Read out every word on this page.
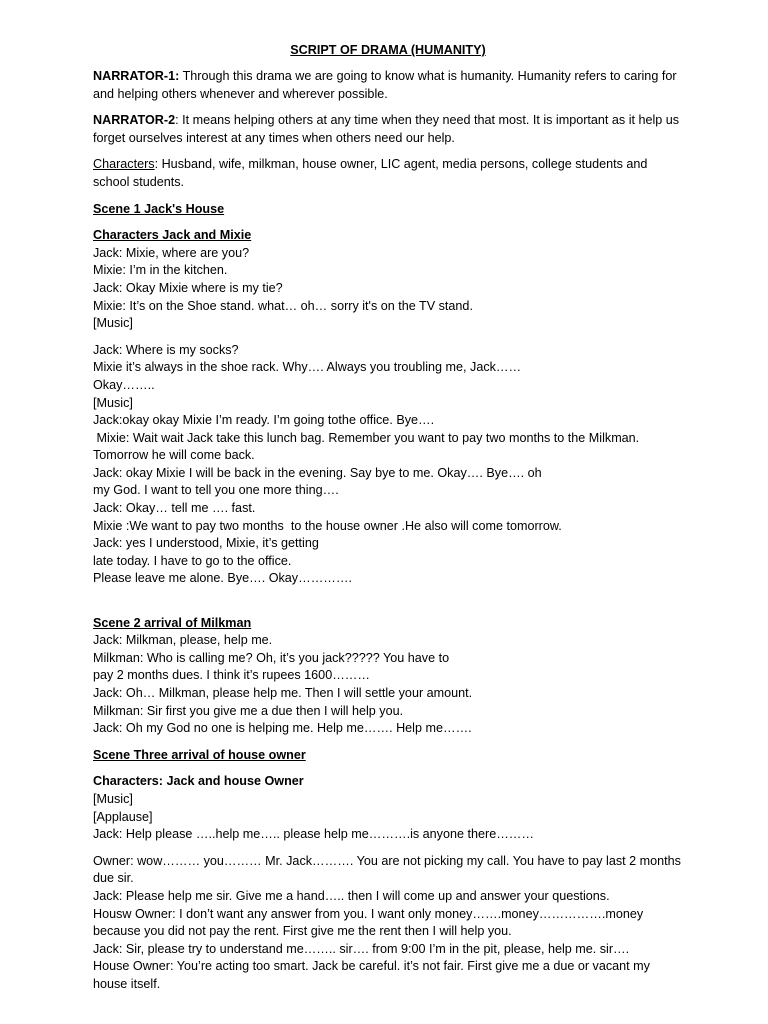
SCRIPT OF DRAMA (HUMANITY)
NARRATOR-1: Through this drama we are going to know what is humanity. Humanity refers to caring for and helping others whenever and wherever possible.
NARRATOR-2: It means helping others at any time when they need that most. It is important as it help us forget ourselves interest at any times when others need our help.
Characters: Husband, wife, milkman, house owner, LIC agent, media persons, college students and school students.
Scene 1 Jack's House
Characters Jack and Mixie
Jack: Mixie, where are you?
Mixie: I’m in the kitchen.
Jack: Okay Mixie where is my tie?
Mixie: It’s on the Shoe stand. what… oh… sorry it's on the TV stand.
[Music]
Jack: Where is my socks?
Mixie it’s always in the shoe rack. Why…. Always you troubling me, Jack……
Okay……..
[Music]
Jack:okay okay Mixie I’m ready. I’m going tothe office. Bye….
Mixie: Wait wait Jack take this lunch bag. Remember you want to pay two months to the Milkman.
Tomorrow he will come back.
Jack: okay Mixie I will be back in the evening. Say bye to me. Okay…. Bye…. oh
my God. I want to tell you one more thing….
Jack: Okay… tell me …. fast.
Mixie :We want to pay two months  to the house owner .He also will come tomorrow.
Jack: yes I understood, Mixie, it’s getting
late today. I have to go to the office.
Please leave me alone. Bye…. Okay………….
Scene 2 arrival of Milkman
Jack: Milkman, please, help me.
Milkman: Who is calling me? Oh, it’s you jack????? You have to
pay 2 months dues. I think it’s rupees 1600………
Jack: Oh… Milkman, please help me. Then I will settle your amount.
Milkman: Sir first you give me a due then I will help you.
Jack: Oh my God no one is helping me. Help me……. Help me…….
Scene Three arrival of house owner
Characters: Jack and house Owner
[Music]
[Applause]
Jack: Help please …..help me….. please help me……….is anyone there………
Owner: wow……… you……… Mr. Jack………. You are not picking my call. You have to pay last 2 months due sir.
Jack: Please help me sir. Give me a hand….. then I will come up and answer your questions.
Housw Owner: I don’t want any answer from you. I want only money…….money…………….money because you did not pay the rent. First give me the rent then I will help you.
Jack: Sir, please try to understand me…….. sir…. from 9:00 I’m in the pit, please, help me. sir….
House Owner: You’re acting too smart. Jack be careful. it’s not fair. First give me a due or vacant my house itself.
